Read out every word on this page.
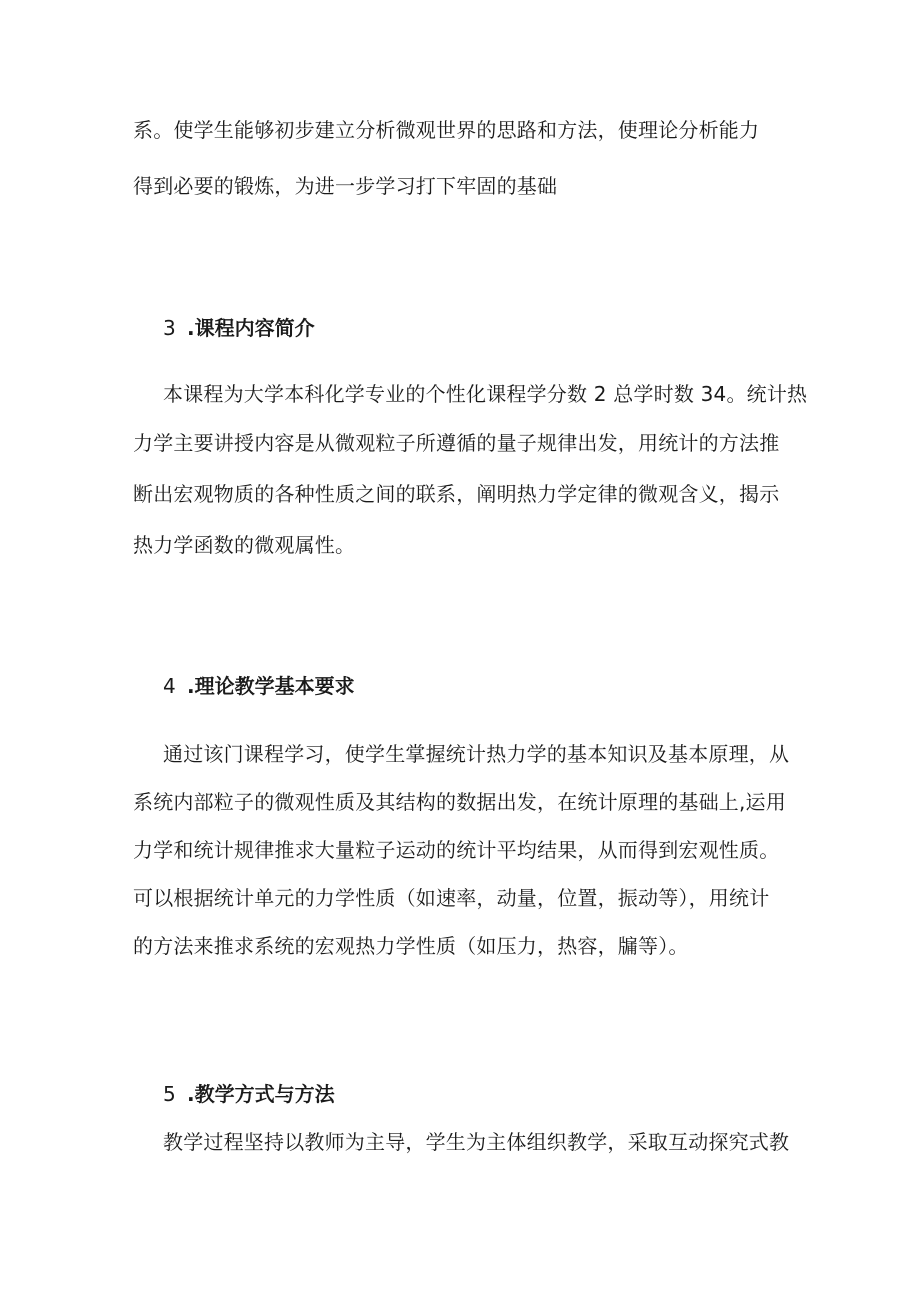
系。使学生能够初步建立分析微观世界的思路和方法，使理论分析能力

得到必要的锻炼，为进一步学习打下牢固的基础

3 .课程内容简介

本课程为大学本科化学专业的个性化课程学分数 2 总学时数 34。统计热

力学主要讲授内容是从微观粒子所遵循的量子规律出发，用统计的方法推

断出宏观物质的各种性质之间的联系，阐明热力学定律的微观含义，揭示

热力学函数的微观属性。

4 .理论教学基本要求

通过该门课程学习，使学生掌握统计热力学的基本知识及基本原理，从

系统内部粒子的微观性质及其结构的数据出发，在统计原理的基础上,运用

力学和统计规律推求大量粒子运动的统计平均结果，从而得到宏观性质。

可以根据统计单元的力学性质（如速率，动量，位置，振动等），用统计

的方法来推求系统的宏观热力学性质（如压力，热容，牖等）。

5 .教学方式与方法

教学过程坚持以教师为主导，学生为主体组织教学，采取互动探究式教
